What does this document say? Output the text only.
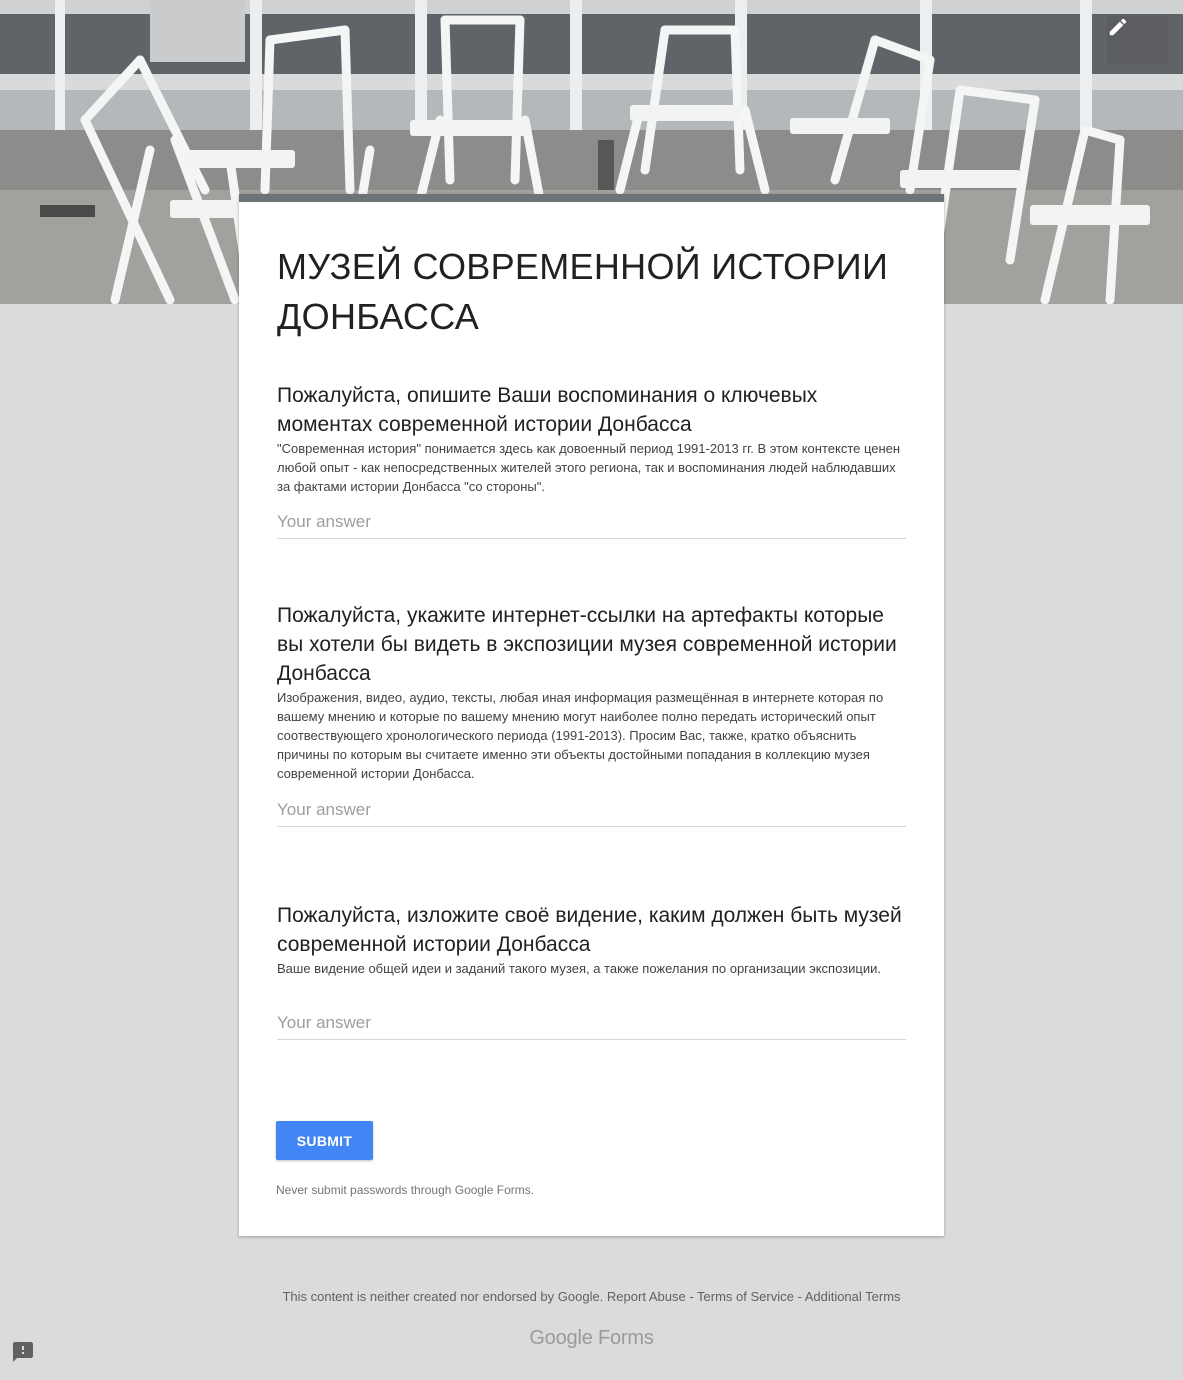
МУЗЕЙ СОВРЕМЕННОЙ ИСТОРИИ ДОНБАССА
Пожалуйста, опишите Ваши воспоминания о ключевых моментах современной истории Донбасса

"Современная история" понимается здесь как довоенный период 1991-2013 гг. В этом контексте ценен любой опыт - как непосредственных жителей этого региона, так и воспоминания людей наблюдавших за фактами истории Донбасса "со стороны".

Your answer
Пожалуйста, укажите интернет-ссылки на артефакты которые вы хотели бы видеть в экспозиции музея современной истории Донбасса

Изображения, видео, аудио, тексты, любая иная информация размещённая в интернете которая по вашему мнению и которые по вашему мнению могут наиболее полно передать исторический опыт соотвествующего хронологического периода (1991-2013). Просим Вас, также, кратко объяснить причины по которым вы считаете именно эти объекты достойными попадания в коллекцию музея современной истории Донбасса.

Your answer
Пожалуйста, изложите своё видение, каким должен быть музей современной истории Донбасса

Ваше видение общей идеи и заданий такого музея, а также пожелания по организации экспозиции.

Your answer
SUBMIT
Never submit passwords through Google Forms.
This content is neither created nor endorsed by Google. Report Abuse - Terms of Service - Additional Terms
Google Forms
